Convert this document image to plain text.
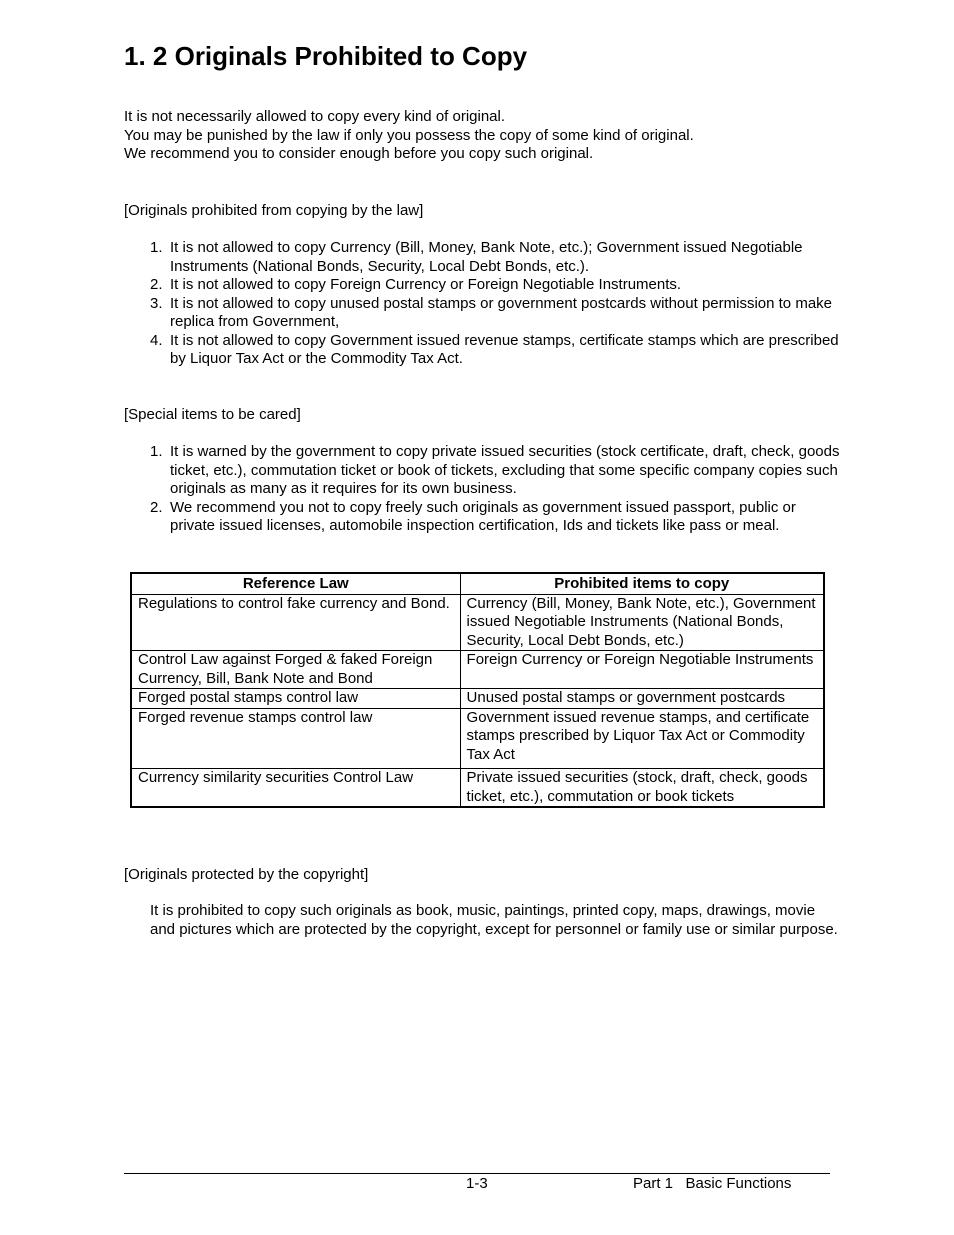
1. 2 Originals Prohibited to Copy
It is not necessarily allowed to copy every kind of original.
You may be punished by the law if only you possess the copy of some kind of original.
We recommend you to consider enough before you copy such original.
[Originals prohibited from copying by the law]
1. It is not allowed to copy Currency (Bill, Money, Bank Note, etc.); Government issued Negotiable Instruments (National Bonds, Security, Local Debt Bonds, etc.).
2. It is not allowed to copy Foreign Currency or Foreign Negotiable Instruments.
3. It is not allowed to copy unused postal stamps or government postcards without permission to make replica from Government,
4. It is not allowed to copy Government issued revenue stamps, certificate stamps which are prescribed by Liquor Tax Act or the Commodity Tax Act.
[Special items to be cared]
1. It is warned by the government to copy private issued securities (stock certificate, draft, check, goods ticket, etc.), commutation ticket or book of tickets, excluding that some specific company copies such originals as many as it requires for its own business.
2. We recommend you not to copy freely such originals as government issued passport, public or private issued licenses, automobile inspection certification, Ids and tickets like pass or meal.
Reference Law	Prohibited items to copy
Regulations to control fake currency and Bond.	Currency (Bill, Money, Bank Note, etc.), Government issued Negotiable Instruments (National Bonds, Security, Local Debt Bonds, etc.)
Control Law against Forged & faked Foreign Currency, Bill, Bank Note and Bond	Foreign Currency or Foreign Negotiable Instruments
Forged postal stamps control law	Unused postal stamps or government postcards
Forged revenue stamps control law	Government issued revenue stamps, and certificate stamps prescribed by Liquor Tax Act or Commodity Tax Act
Currency similarity securities Control Law	Private issued securities (stock, draft, check, goods ticket, etc.), commutation or book tickets
[Originals protected by the copyright]
It is prohibited to copy such originals as book, music, paintings, printed copy, maps, drawings, movie and pictures which are protected by the copyright, except for personnel or family use or similar purpose.
1-3	Part 1   Basic Functions
